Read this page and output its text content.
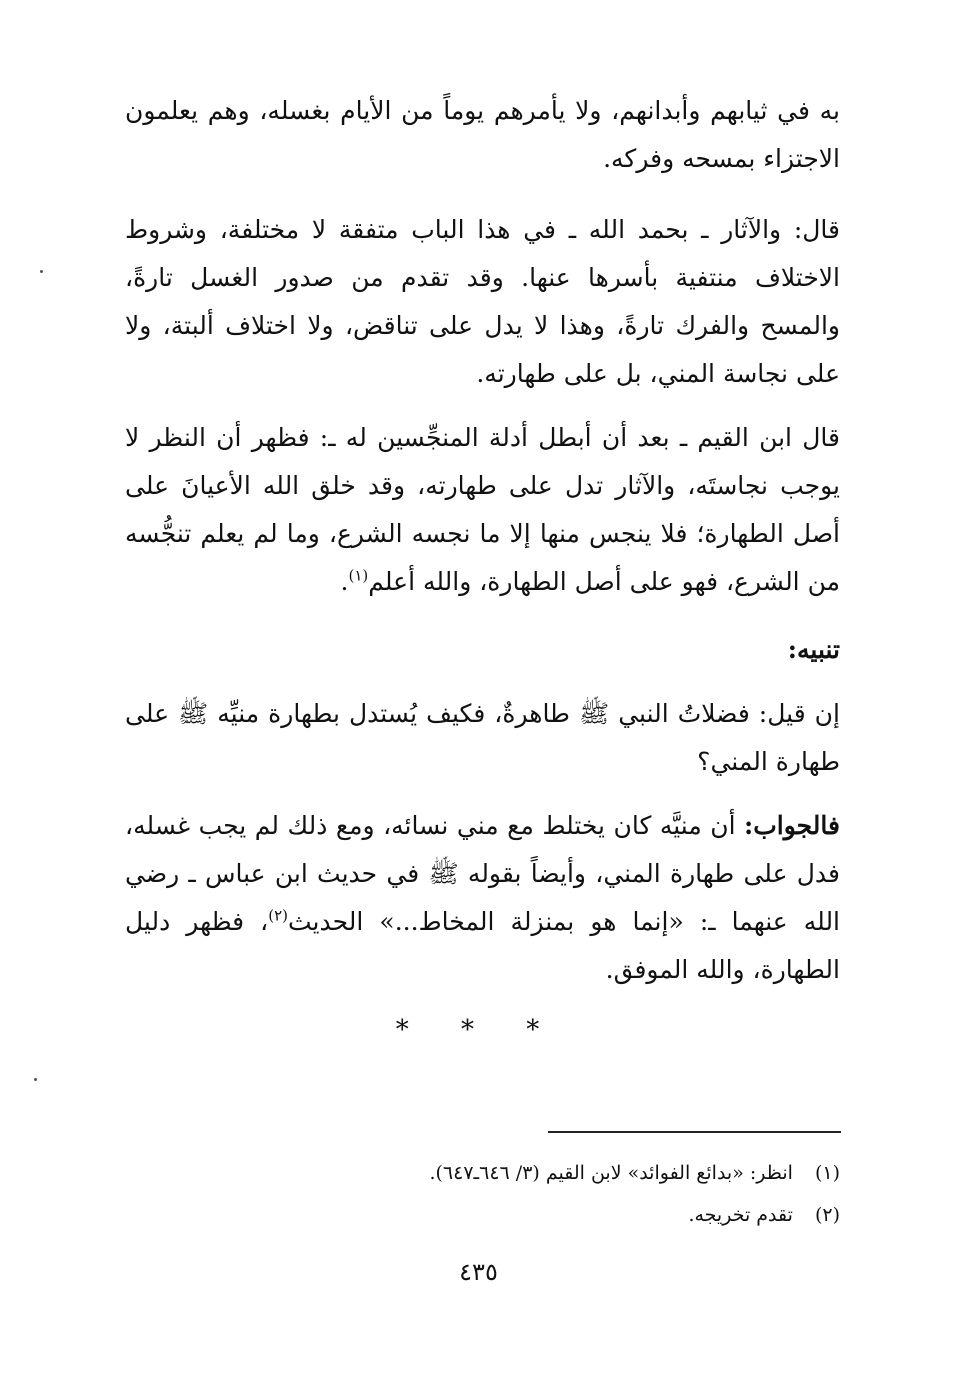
به في ثيابهم وأبدانهم، ولا يأمرهم يوماً من الأيام بغسله، وهم يعلمون الاجتزاء بمسحه وفركه.
قال: والآثار ـ بحمد الله ـ في هذا الباب متفقة لا مختلفة، وشروط الاختلاف منتفية بأسرها عنها. وقد تقدم من صدور الغسل تارةً، والمسح والفرك تارةً، وهذا لا يدل على تناقض، ولا اختلاف ألبتة، ولا على نجاسة المني، بل على طهارته.
قال ابن القيم ـ بعد أن أبطل أدلة المنجِّسين له ـ: فظهر أن النظر لا يوجب نجاستَه، والآثار تدل على طهارته، وقد خلق الله الأعيانَ على أصل الطهارة؛ فلا ينجس منها إلا ما نجسه الشرع، وما لم يعلم تنجُّسه من الشرع، فهو على أصل الطهارة، والله أعلم$^{(١)}$.
تنبيه:
إن قيل: فضلاتُ النبي ﷺ طاهرةٌ، فكيف يُستدل بطهارة منيِّه ﷺ على طهارة المني؟
فالجواب: أن منيَّه كان يختلط مع مني نسائه، ومع ذلك لم يجب غسله، فدل على طهارة المني، وأيضاً بقوله ﷺ في حديث ابن عباس ـ رضي الله عنهما ـ: «إنما هو بمنزلة المخاط...» الحديث$^{(٢)}$، فظهر دليل الطهارة، والله الموفق.
* * *
(١)انظر: «بدائع الفوائد» لابن القيم (٣/ ٦٤٦ـ٦٤٧).
(٢)تقدم تخريجه.
٤٣٥
